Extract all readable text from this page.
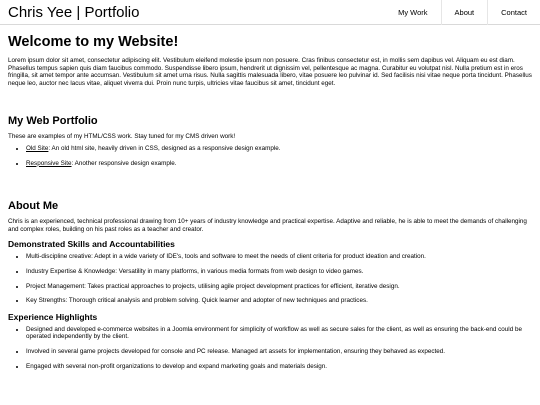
Chris Yee | Portfolio	My Work	About	Contact
Welcome to my Website!

Lorem ipsum dolor sit amet, consectetur adipiscing elit. Vestibulum eleifend molestie ipsum non posuere. Cras finibus consectetur est, in mollis sem dapibus vel. Aliquam eu est diam. Phasellus tempus sapien quis diam faucibus commodo. Suspendisse libero ipsum, hendrerit ut dignissim vel, pellentesque ac magna. Curabitur eu volutpat nisl. Nulla pretium est in eros fringilla, sit amet tempor ante accumsan. Vestibulum sit amet urna risus. Nulla sagittis malesuada libero, vitae posuere leo pulvinar id. Sed facilisis nisi vitae neque porta tincidunt. Phasellus neque leo, auctor nec lacus vitae, aliquet viverra dui. Proin nunc turpis, ultricies vitae faucibus sit amet, tincidunt eget.

My Web Portfolio

These are examples of my HTML/CSS work. Stay tuned for my CMS driven work!

• Old Site: An old html site, heavily driven in CSS, designed as a responsive design example.
• Responsive Site: Another responsive design example.
About Me

Chris is an experienced, technical professional drawing from 10+ years of industry knowledge and practical expertise. Adaptive and reliable, he is able to meet the demands of challenging and complex roles, building on his past roles as a teacher and creator.

Demonstrated Skills and Accountabilities
• Multi-discipline creative: Adept in a wide variety of IDE's, tools and software to meet the needs of client criteria for product ideation and creation.
• Industry Expertise & Knowledge: Versatility in many platforms, in various media formats from web design to video games.
• Project Management: Takes practical approaches to projects, utilising agile project development practices for efficient, iterative design.
• Key Strengths: Thorough critical analysis and problem solving. Quick learner and adopter of new techniques and practices.
Experience Highlights
• Designed and developed e-commerce websites in a Joomla environment for simplicity of workflow as well as secure sales for the client, as well as ensuring the back-end could be operated independently by the client.
• Involved in several game projects developed for console and PC release. Managed art assets for implementation, ensuring they behaved as expected.
• Engaged with several non-profit organizations to develop and expand marketing goals and materials design.
